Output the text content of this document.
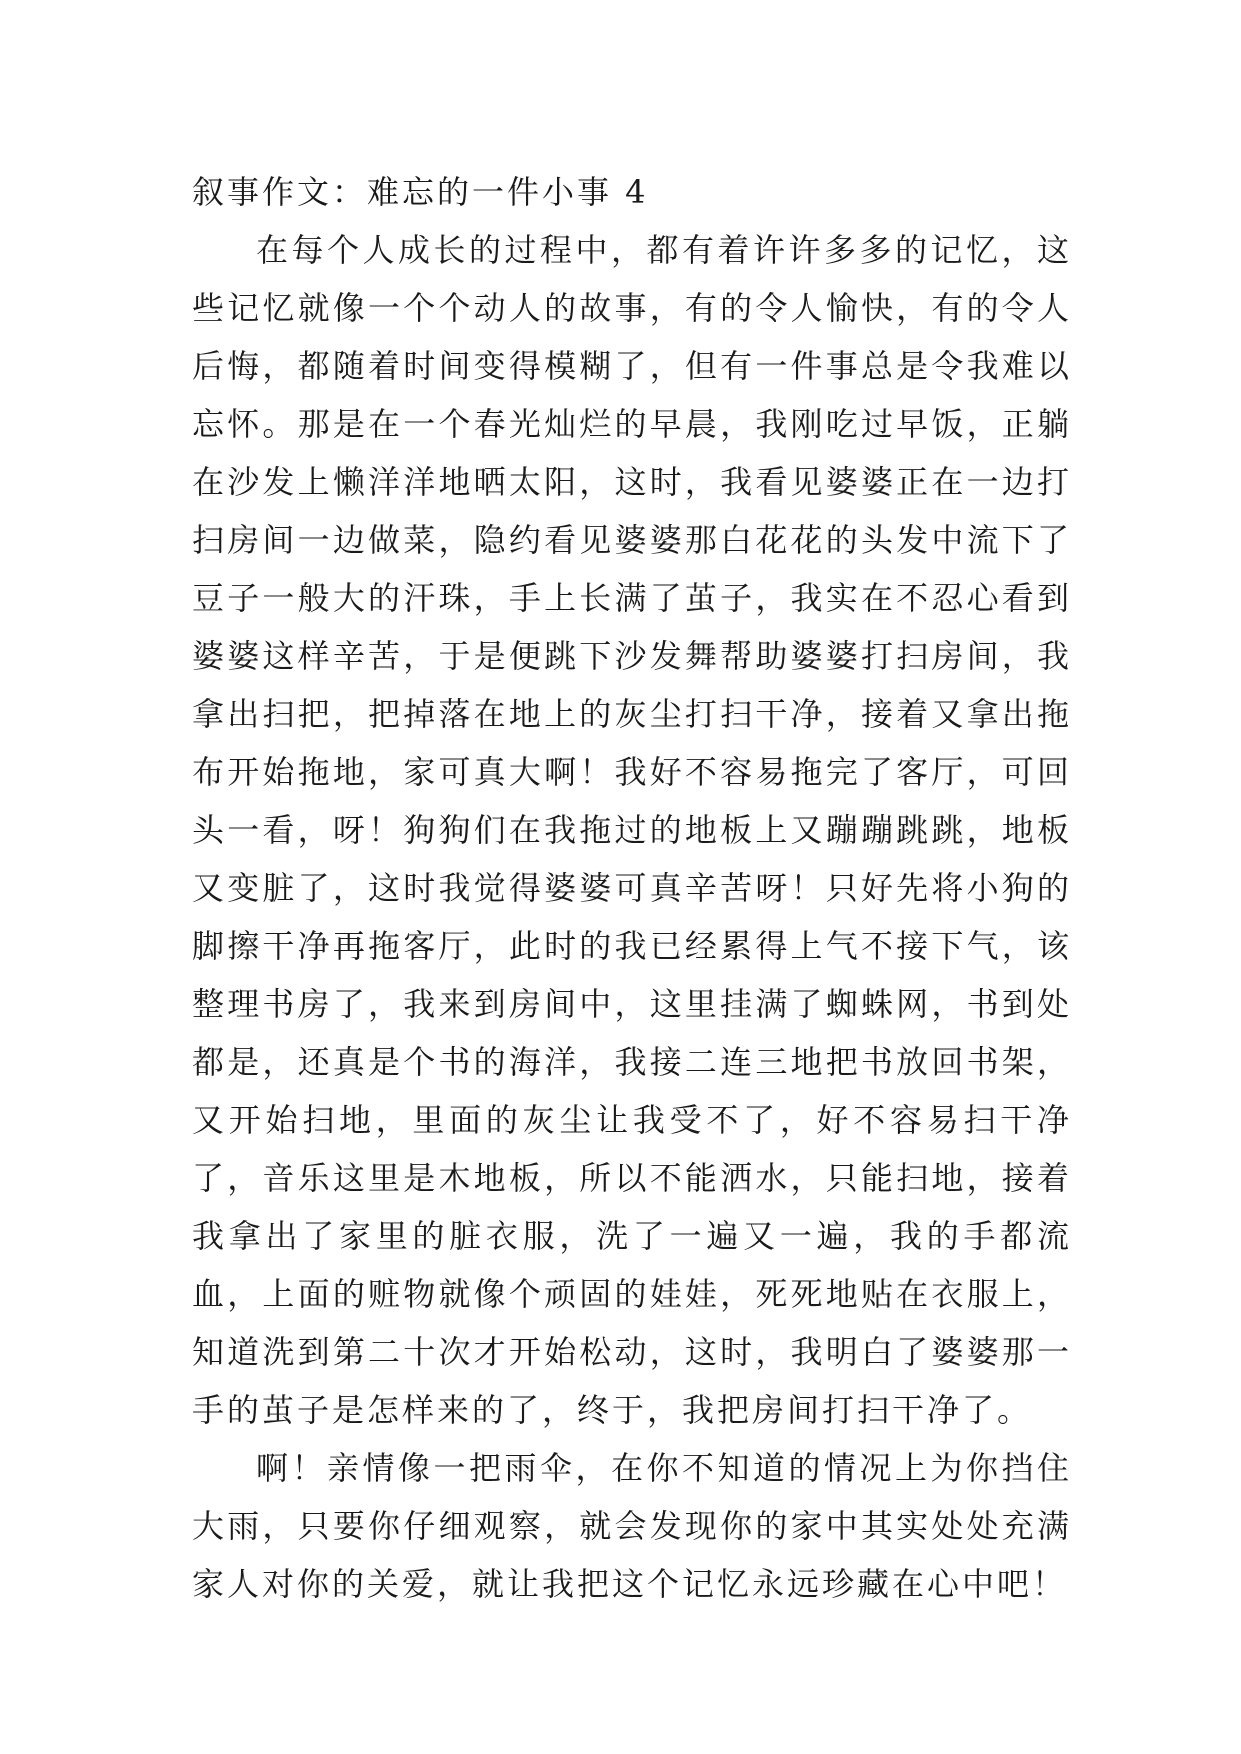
叙事作文：难忘的一件小事 4

在每个人成长的过程中，都有着许许多多的记忆，这些记忆就像一个个动人的故事，有的令人愉快，有的令人后悔，都随着时间变得模糊了，但有一件事总是令我难以忘怀。那是在一个春光灿烂的早晨，我刚吃过早饭，正躺在沙发上懒洋洋地晒太阳，这时，我看见婆婆正在一边打扫房间一边做菜，隐约看见婆婆那白花花的头发中流下了豆子一般大的汗珠，手上长满了茧子，我实在不忍心看到婆婆这样辛苦，于是便跳下沙发舞帮助婆婆打扫房间，我拿出扫把，把掉落在地上的灰尘打扫干净，接着又拿出拖布开始拖地，家可真大啊！我好不容易拖完了客厅，可回头一看，呀！狗狗们在我拖过的地板上又蹦蹦跳跳，地板又变脏了，这时我觉得婆婆可真辛苦呀！只好先将小狗的脚擦干净再拖客厅，此时的我已经累得上气不接下气，该整理书房了，我来到房间中，这里挂满了蜘蛛网，书到处都是，还真是个书的海洋，我接二连三地把书放回书架，又开始扫地，里面的灰尘让我受不了，好不容易扫干净了，音乐这里是木地板，所以不能洒水，只能扫地，接着我拿出了家里的脏衣服，洗了一遍又一遍，我的手都流血，上面的赃物就像个顽固的娃娃，死死地贴在衣服上，知道洗到第二十次才开始松动，这时，我明白了婆婆那一手的茧子是怎样来的了，终于，我把房间打扫干净了。

啊！亲情像一把雨伞，在你不知道的情况上为你挡住大雨，只要你仔细观察，就会发现你的家中其实处处充满家人对你的关爱，就让我把这个记忆永远珍藏在心中吧！
